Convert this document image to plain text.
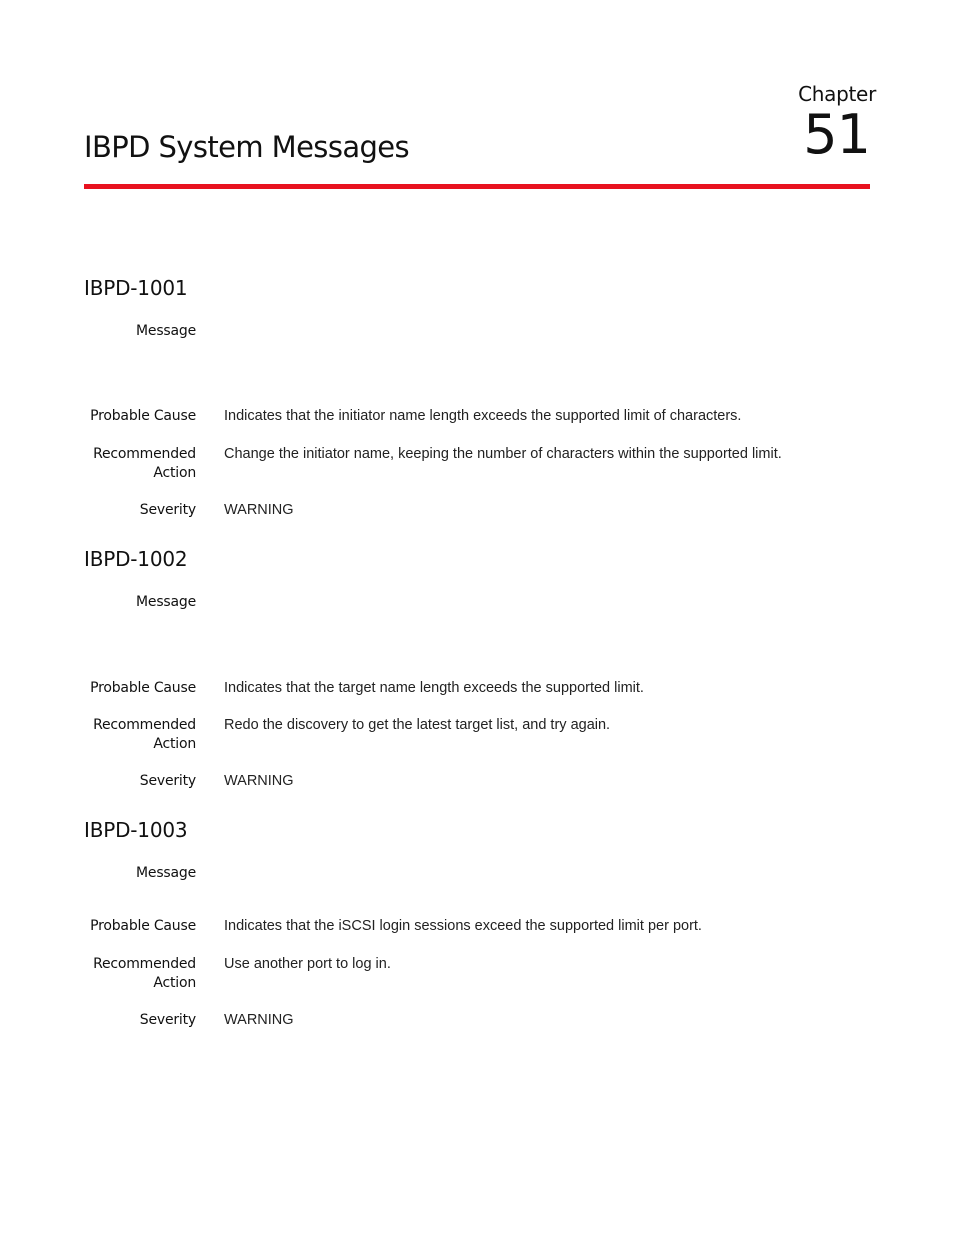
Chapter
51
IBPD System Messages
IBPD-1001
Message
Probable Cause Indicates that the initiator name length exceeds the supported limit of characters.
Recommended
Action
Change the initiator name, keeping the number of characters within the supported limit.
Severity WARNING
IBPD-1002
Message
Probable Cause Indicates that the target name length exceeds the supported limit.
Recommended
Action
Redo the discovery to get the latest target list, and try again.
Severity WARNING
IBPD-1003
Message
Probable Cause Indicates that the iSCSI login sessions exceed the supported limit per port.
Recommended
Action
Use another port to log in.
Severity WARNING
